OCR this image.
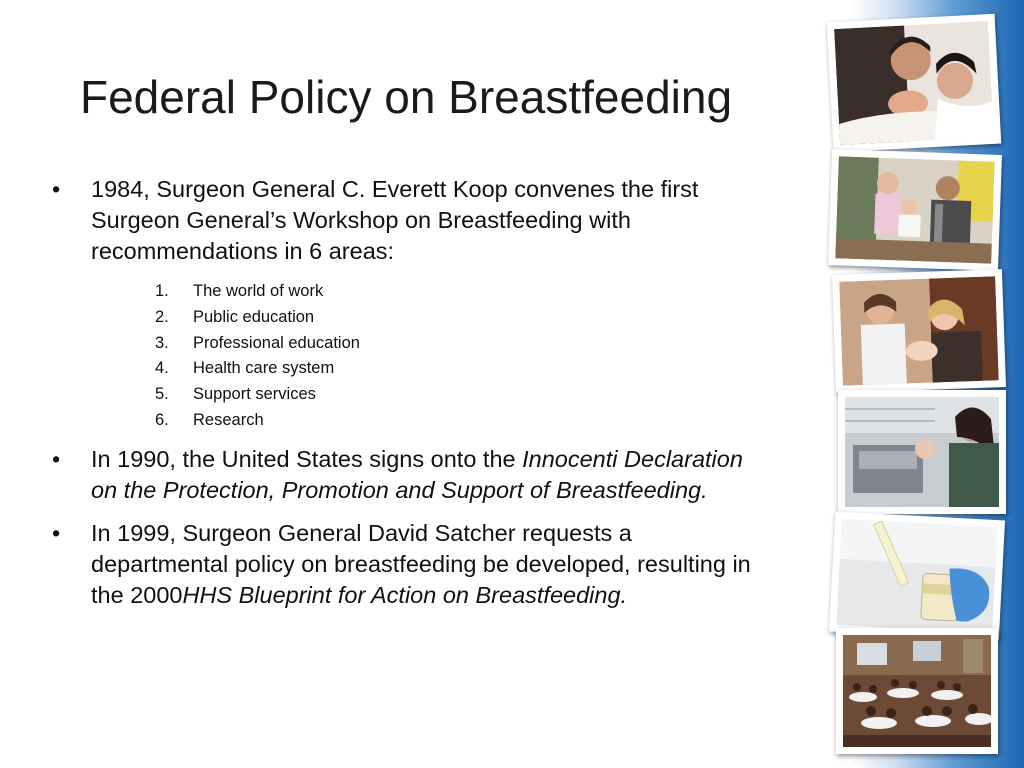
Federal Policy on Breastfeeding
• 1984, Surgeon General C. Everett Koop convenes the first Surgeon General’s Workshop on Breastfeeding with recommendations in 6 areas:
1. The world of work
2. Public education
3. Professional education
4. Health care system
5. Support services
6. Research
• In 1990, the United States signs onto the Innocenti Declaration on the Protection, Promotion and Support of Breastfeeding.
• In 1999, Surgeon General David Satcher requests a departmental policy on breastfeeding be developed, resulting in the 2000HHS Blueprint for Action on Breastfeeding.
